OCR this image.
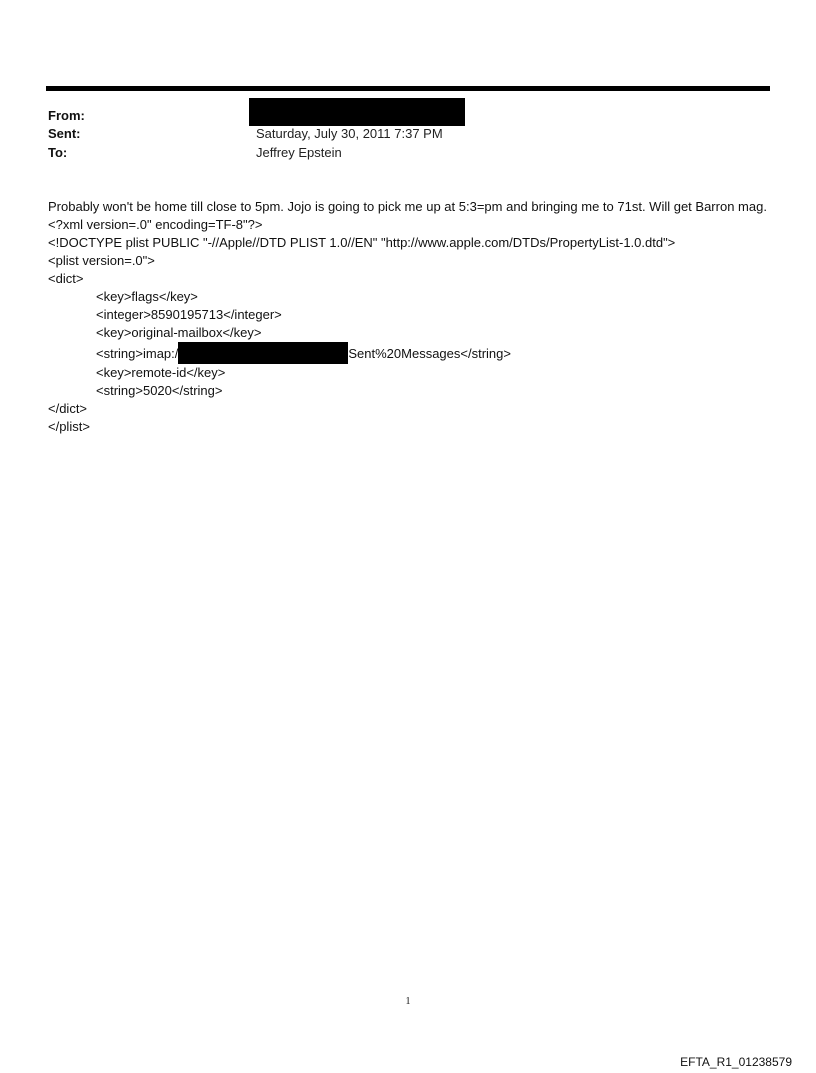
From:
Sent:	Saturday, July 30, 2011 7:37 PM
To:	Jeffrey Epstein
Probably won't be home till close to 5pm. Jojo is going to pick me up at 5:3=pm and bringing me to 71st. Will get Barron mag.
<?xml version=.0" encoding=TF-8"?>
<!DOCTYPE plist PUBLIC "-//Apple//DTD PLIST 1.0//EN" "http://www.apple.com/DTDs/PropertyList-1.0.dtd">
<plist version=.0">
<dict>
<key>flags</key>
<integer>8590195713</integer>
<key>original-mailbox</key>
<string>imap:/	Sent%20Messages</string>
<key>remote-id</key>
<string>5020</string>
</dict>
</plist>
1
EFTA_R1_01238579
